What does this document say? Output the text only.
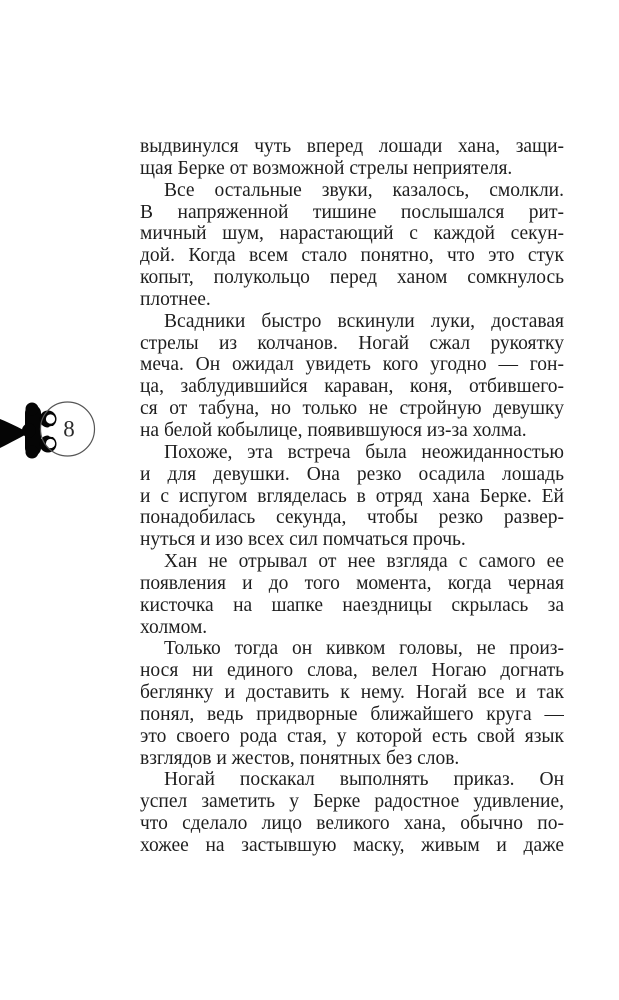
8
выдвинулся чуть вперед лошади хана, защи-
щая Берке от возможной стрелы неприятеля.
Все остальные звуки, казалось, смолкли.
В напряженной тишине послышался рит-
мичный шум, нарастающий с каждой секун-
дой. Когда всем стало понятно, что это стук
копыт, полукольцо перед ханом сомкнулось
плотнее.
Всадники быстро вскинули луки, доставая
стрелы из колчанов. Ногай сжал рукоятку
меча. Он ожидал увидеть кого угодно — гон-
ца, заблудившийся караван, коня, отбившего-
ся от табуна, но только не стройную девушку
на белой кобылице, появившуюся из-за холма.
Похоже, эта встреча была неожиданностью
и для девушки. Она резко осадила лошадь
и с испугом вгляделась в отряд хана Берке. Ей
понадобилась секунда, чтобы резко развер-
нуться и изо всех сил помчаться прочь.
Хан не отрывал от нее взгляда с самого ее
появления и до того момента, когда черная
кисточка на шапке наездницы скрылась за
холмом.
Только тогда он кивком головы, не произ-
нося ни единого слова, велел Ногаю догнать
беглянку и доставить к нему. Ногай все и так
понял, ведь придворные ближайшего круга —
это своего рода стая, у которой есть свой язык
взглядов и жестов, понятных без слов.
Ногай поскакал выполнять приказ. Он
успел заметить у Берке радостное удивление,
что сделало лицо великого хана, обычно по-
хожее на застывшую маску, живым и даже
